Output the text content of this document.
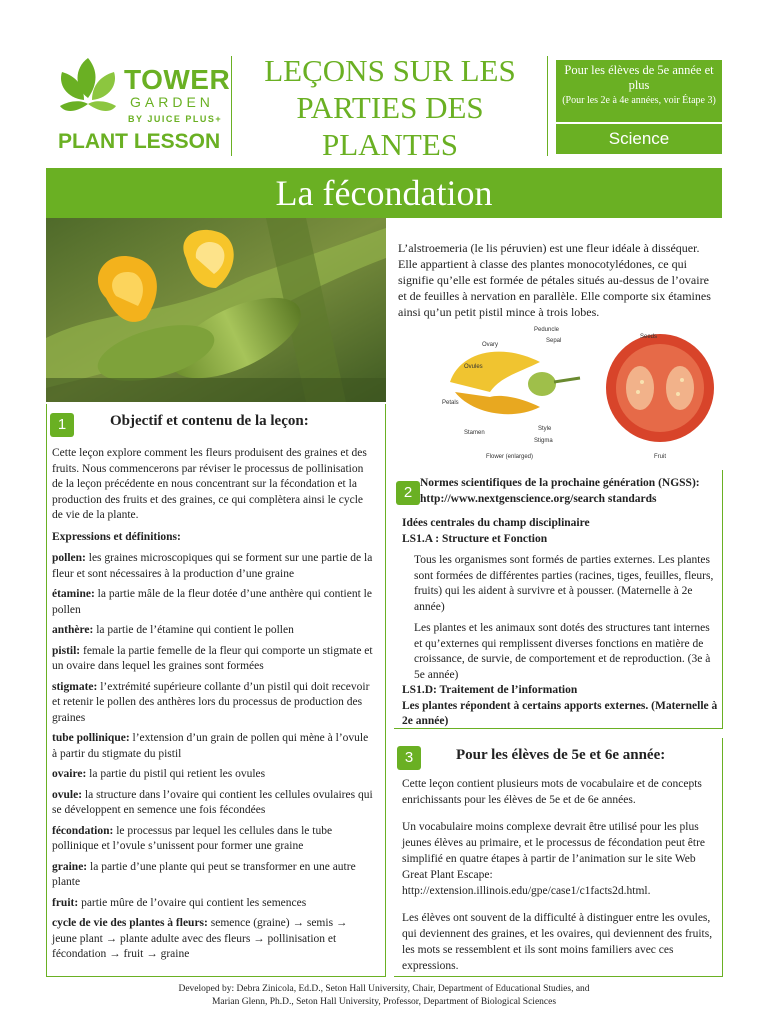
TOWER
GARDEN
BY JUICE PLUS+
PLANT LESSON
LEÇONS SUR LES PARTIES DES PLANTES
Pour les élèves de 5e année et plus
(Pour les 2e à 4e années, voir Étape 3)
Science
La fécondation
L’alstroemeria (le lis péruvien) est une fleur idéale à disséquer. Elle appartient à classe des plantes monocotylédones, ce qui signifie qu’elle est formée de pétales situés au-dessus de l’ovaire et de feuilles à nervation en parallèle. Elle comporte six étamines ainsi qu’un petit pistil mince à trois lobes.
Peduncle
Sepal
Seeds
Ovary
Ovules
Petals
Style
Stamen
Stigma
Flower (enlarged)	Fruit
1	Objectif et contenu de la leçon:

Cette leçon explore comment les fleurs produisent des graines et des fruits. Nous commencerons par réviser le processus de pollinisation de la leçon précédente en nous concentrant sur la fécondation et la production des fruits et des graines, ce qui complètera ainsi le cycle de vie de la plante.

Expressions et définitions:

pollen: les graines microscopiques qui se forment sur une partie de la fleur et sont nécessaires à la production d’une graine

étamine: la partie mâle de la fleur dotée d’une anthère qui contient le pollen

anthère: la partie de l’étamine qui contient le pollen

pistil: female la partie femelle de la fleur qui comporte un stigmate et un ovaire dans lequel les graines sont formées

stigmate: l’extrémité supérieure collante d’un pistil qui doit recevoir et retenir le pollen des anthères lors du processus de production des graines

tube pollinique: l’extension d’un grain de pollen qui mène à l’ovule à partir du stigmate du pistil

ovaire: la partie du pistil qui retient les ovules

ovule: la structure dans l’ovaire qui contient les cellules ovulaires qui se développent en semence une fois fécondées

fécondation: le processus par lequel les cellules dans le tube pollinique et l’ovule s’unissent pour former une graine

graine: la partie d’une plante qui peut se transformer en une autre plante

fruit: partie mûre de l’ovaire qui contient les semences

cycle de vie des plantes à fleurs: semence (graine) → semis → jeune plant → plante adulte avec des fleurs → pollinisation et fécondation → fruit → graine

2
Normes scientifiques de la prochaine génération (NGSS):
http://www.nextgenscience.org/search standards
Idées centrales du champ disciplinaire

LS1.A : Structure et Fonction

Tous les organismes sont formés de parties externes. Les plantes sont formées de différentes parties (racines, tiges, feuilles, fleurs, fruits) qui les aident à survivre et à pousser. (Maternelle à 2e année)

Les plantes et les animaux sont dotés des structures tant internes et qu’externes qui remplissent diverses fonctions en matière de croissance, de survie, de comportement et de reproduction. (3e à 5e année)

LS1.D: Traitement de l’information
Les plantes répondent à certains apports externes. (Maternelle à 2e année)
3	Pour les élèves de 5e et 6e année:

Cette leçon contient plusieurs mots de vocabulaire et de concepts enrichissants pour les élèves de 5e et de 6e années.

Un vocabulaire moins complexe devrait être utilisé pour les plus jeunes élèves au primaire, et le processus de fécondation peut être simplifié en quatre étapes à partir de l’animation sur le site Web Great Plant Escape: http://extension.illinois.edu/gpe/case1/c1facts2d.html.

Les élèves ont souvent de la difficulté à distinguer entre les ovules, qui deviennent des graines, et les ovaires, qui deviennent des fruits, les mots se ressemblent et ils sont moins familiers avec ces expressions.

Developed by: Debra Zinicola, Ed.D., Seton Hall University, Chair, Department of Educational Studies, and
Marian Glenn, Ph.D., Seton Hall University, Professor, Department of Biological Sciences
